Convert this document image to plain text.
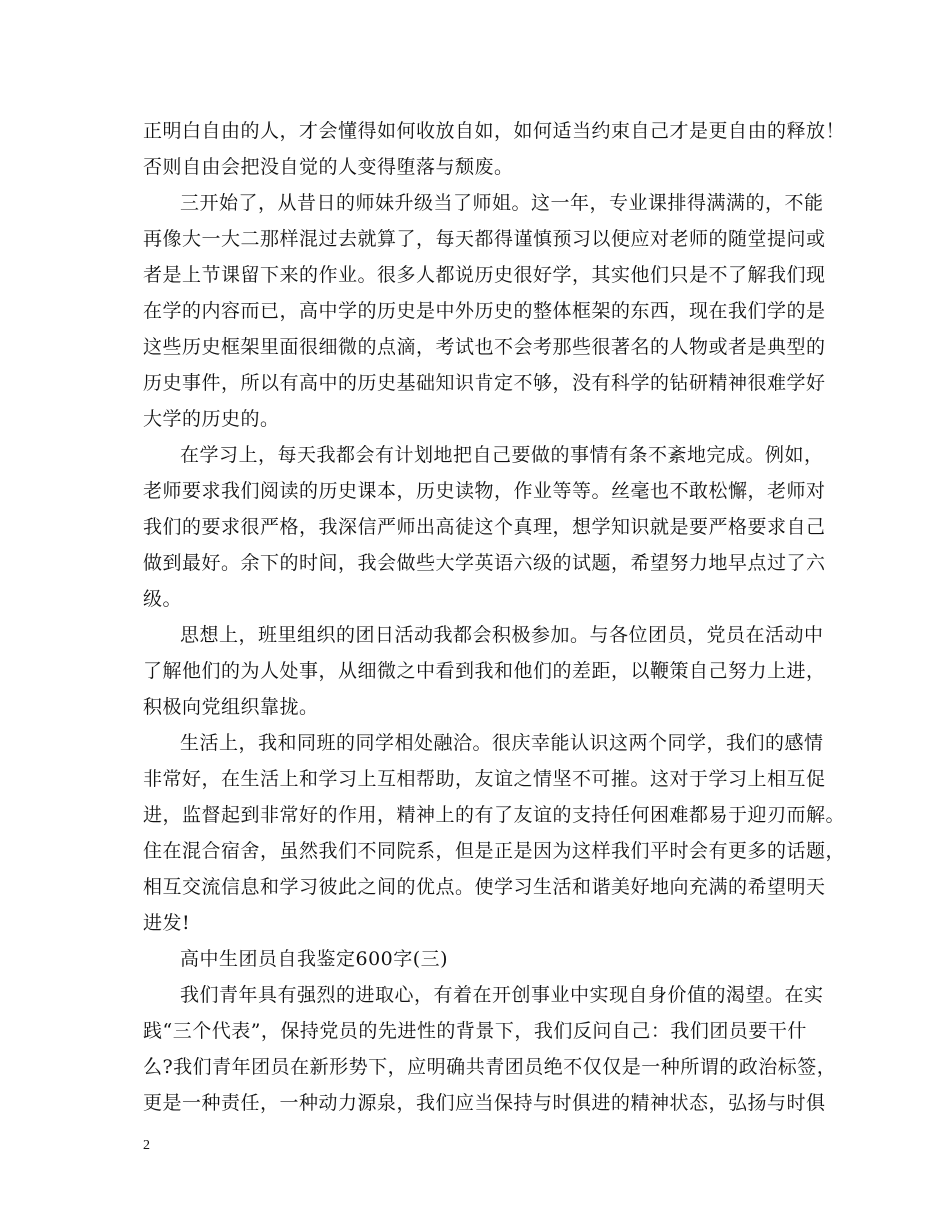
正明白自由的人，才会懂得如何收放自如，如何适当约束自己才是更自由的释放！
否则自由会把没自觉的人变得堕落与颓废。
三开始了，从昔日的师妹升级当了师姐。这一年，专业课排得满满的，不能
再像大一大二那样混过去就算了，每天都得谨慎预习以便应对老师的随堂提问或
者是上节课留下来的作业。很多人都说历史很好学，其实他们只是不了解我们现
在学的内容而已，高中学的历史是中外历史的整体框架的东西，现在我们学的是
这些历史框架里面很细微的点滴，考试也不会考那些很著名的人物或者是典型的
历史事件，所以有高中的历史基础知识肯定不够，没有科学的钻研精神很难学好
大学的历史的。
在学习上，每天我都会有计划地把自己要做的事情有条不紊地完成。例如，
老师要求我们阅读的历史课本，历史读物，作业等等。丝毫也不敢松懈，老师对
我们的要求很严格，我深信严师出高徒这个真理，想学知识就是要严格要求自己
做到最好。余下的时间，我会做些大学英语六级的试题，希望努力地早点过了六
级。
思想上，班里组织的团日活动我都会积极参加。与各位团员，党员在活动中
了解他们的为人处事，从细微之中看到我和他们的差距，以鞭策自己努力上进，
积极向党组织靠拢。
生活上，我和同班的同学相处融洽。很庆幸能认识这两个同学，我们的感情
非常好，在生活上和学习上互相帮助，友谊之情坚不可摧。这对于学习上相互促
进，监督起到非常好的作用，精神上的有了友谊的支持任何困难都易于迎刃而解。
住在混合宿舍，虽然我们不同院系，但是正是因为这样我们平时会有更多的话题，
相互交流信息和学习彼此之间的优点。使学习生活和谐美好地向充满的希望明天
进发!
高中生团员自我鉴定600字(三)
我们青年具有强烈的进取心，有着在开创事业中实现自身价值的渴望。在实
践“三个代表”，保持党员的先进性的背景下，我们反问自己：我们团员要干什
么?我们青年团员在新形势下，应明确共青团员绝不仅仅是一种所谓的政治标签，
更是一种责任，一种动力源泉，我们应当保持与时俱进的精神状态，弘扬与时俱
2
